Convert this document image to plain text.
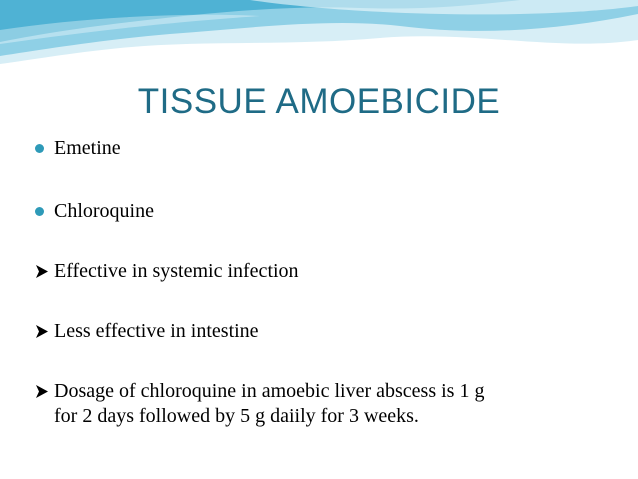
TISSUE AMOEBICIDE
Emetine
Chloroquine
Effective in systemic infection
Less effective in intestine
Dosage of chloroquine in amoebic liver abscess is 1 g
for 2 days followed by 5 g daiily for 3 weeks.
